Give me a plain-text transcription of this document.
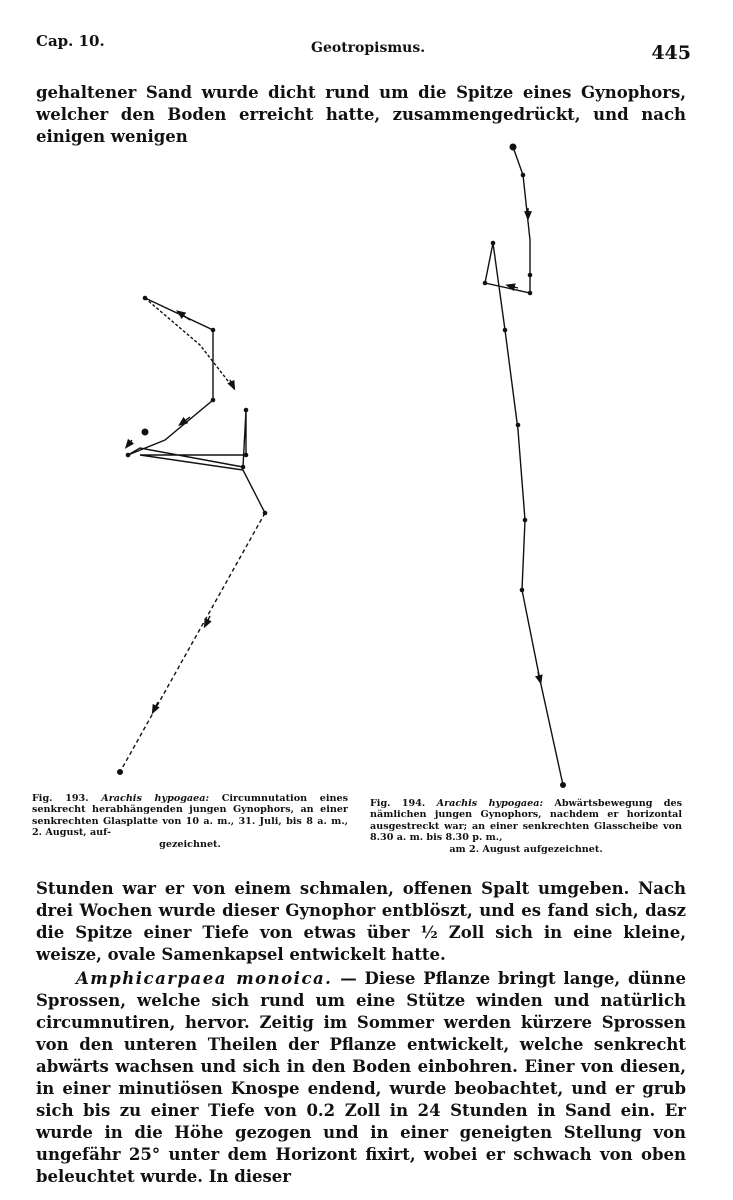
Cap. 10.	Geotropismus.	445
gehaltener Sand wurde dicht rund um die Spitze eines Gynophors, welcher den Boden erreicht hatte, zusammengedrückt, und nach einigen wenigen
Fig. 193. Arachis hypogaea: Circumnutation eines senkrecht herabhängenden jungen Gynophors, an einer senkrechten Glasplatte von 10 a. m., 31. Juli, bis 8 a. m., 2. August, auf-
gezeichnet.
Fig. 194. Arachis hypogaea: Abwärtsbewegung des nämlichen jungen Gynophors, nachdem er horizontal ausgestreckt war; an einer senkrechten Glasscheibe von 8.30 a. m. bis 8.30 p. m.,
am 2. August aufgezeichnet.
Stunden war er von einem schmalen, offenen Spalt umgeben. Nach drei Wochen wurde dieser Gynophor entblöszt, und es fand sich, dasz die Spitze einer Tiefe von etwas über ½ Zoll sich in eine kleine, weisze, ovale Samenkapsel entwickelt hatte.
Amphicarpaea monoica. — Diese Pflanze bringt lange, dünne Sprossen, welche sich rund um eine Stütze winden und natürlich circumnutiren, hervor. Zeitig im Sommer werden kürzere Sprossen von den unteren Theilen der Pflanze entwickelt, welche senkrecht abwärts wachsen und sich in den Boden einbohren. Einer von diesen, in einer minutiösen Knospe endend, wurde beobachtet, und er grub sich bis zu einer Tiefe von 0.2 Zoll in 24 Stunden in Sand ein. Er wurde in die Höhe gezogen und in einer geneigten Stellung von ungefähr 25° unter dem Horizont fixirt, wobei er schwach von oben beleuchtet wurde. In dieser
